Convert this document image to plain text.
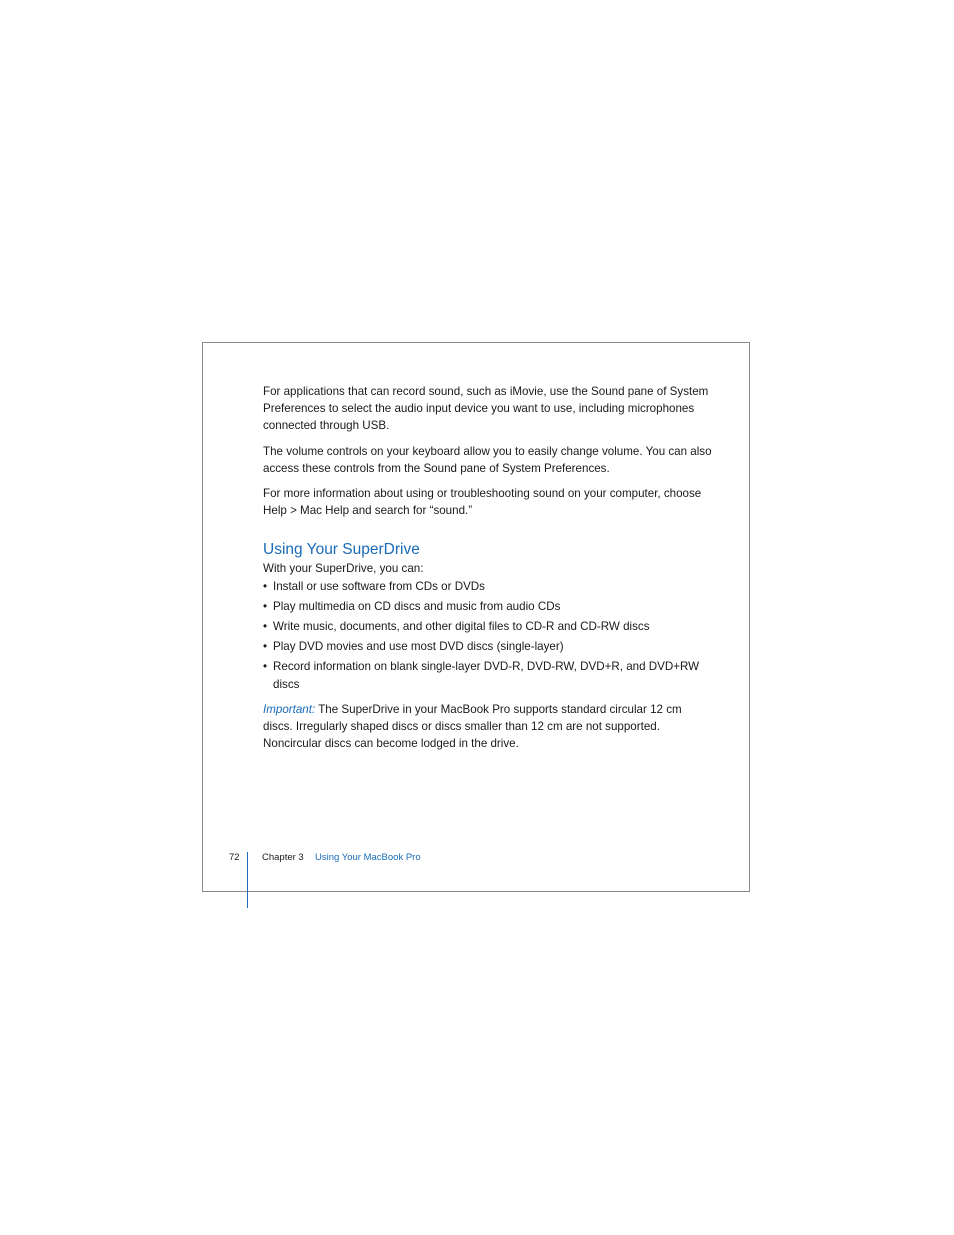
For applications that can record sound, such as iMovie, use the Sound pane of System Preferences to select the audio input device you want to use, including microphones connected through USB.

The volume controls on your keyboard allow you to easily change volume. You can also access these controls from the Sound pane of System Preferences.

For more information about using or troubleshooting sound on your computer, choose Help > Mac Help and search for “sound.”

Using Your SuperDrive

With your SuperDrive, you can:

• Install or use software from CDs or DVDs
• Play multimedia on CD discs and music from audio CDs
• Write music, documents, and other digital files to CD-R and CD-RW discs
• Play DVD movies and use most DVD discs (single-layer)
• Record information on blank single-layer DVD-R, DVD-RW, DVD+R, and DVD+RW discs

Important: The SuperDrive in your MacBook Pro supports standard circular 12 cm discs. Irregularly shaped discs or discs smaller than 12 cm are not supported. Noncircular discs can become lodged in the drive.

72 Chapter 3 Using Your MacBook Pro
